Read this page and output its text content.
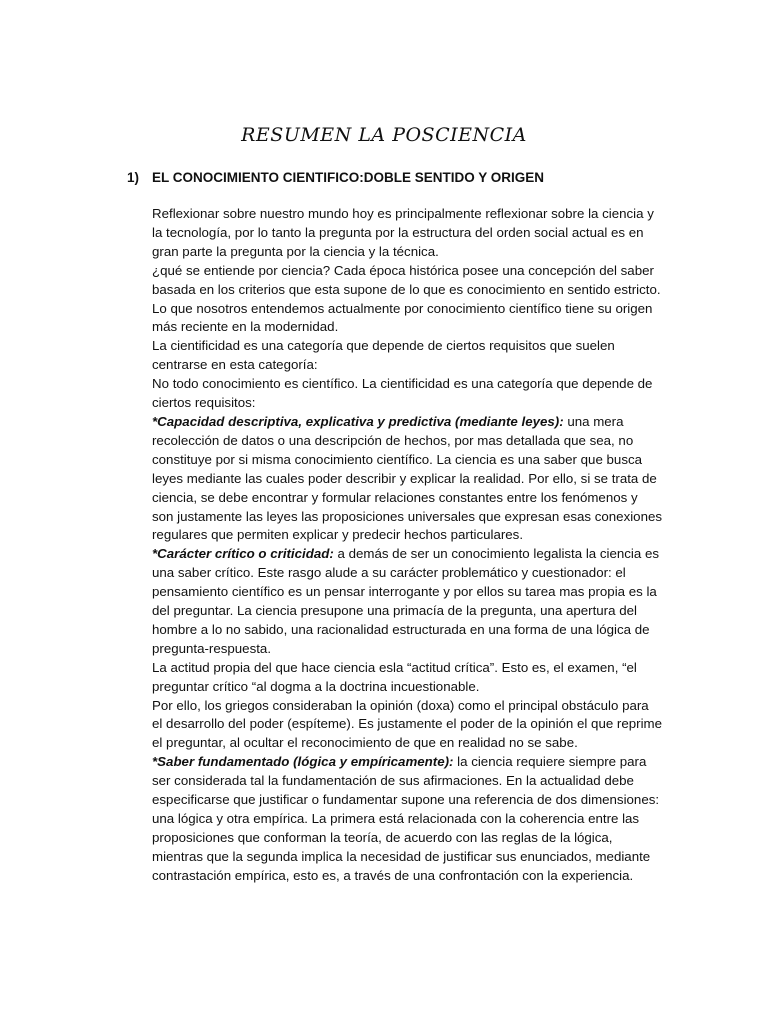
RESUMEN LA POSCIENCIA
1) EL CONOCIMIENTO CIENTIFICO:DOBLE SENTIDO Y ORIGEN

Reflexionar sobre nuestro mundo hoy es principalmente reflexionar sobre la ciencia y la tecnología, por lo tanto la pregunta por la estructura del orden social actual es en gran parte la pregunta por la ciencia y la técnica.

¿qué se entiende por ciencia? Cada época histórica posee una concepción del saber basada en los criterios que esta supone de lo que es conocimiento en sentido estricto. Lo que nosotros entendemos actualmente por conocimiento científico tiene su origen más reciente en la modernidad.

La cientificidad es una categoría que depende de ciertos requisitos que suelen centrarse en esta categoría:

No todo conocimiento es científico. La cientificidad es una categoría que depende de ciertos requisitos:

*Capacidad descriptiva, explicativa y predictiva (mediante leyes): una mera recolección de datos o una descripción de hechos, por mas detallada que sea, no constituye por si misma conocimiento científico. La ciencia es una saber que busca leyes mediante las cuales poder describir y explicar la realidad. Por ello, si se trata de ciencia, se debe encontrar y formular relaciones constantes entre los fenómenos y son justamente las leyes las proposiciones universales que expresan esas conexiones regulares que permiten explicar y predecir hechos particulares.

*Carácter crítico o criticidad: a demás de ser un conocimiento legalista la ciencia es una saber crítico. Este rasgo alude a su carácter problemático y cuestionador: el pensamiento científico es un pensar interrogante y por ellos su tarea mas propia es la del preguntar. La ciencia presupone una primacía de la pregunta, una apertura del hombre a lo no sabido, una racionalidad estructurada en una forma de una lógica de pregunta-respuesta.

La actitud propia del que hace ciencia esla “actitud crítica”. Esto es, el examen, “el preguntar crítico “al dogma a la doctrina incuestionable.

Por ello, los griegos consideraban la opinión (doxa) como el principal obstáculo para el desarrollo del poder (espíteme). Es justamente el poder de la opinión el que reprime el preguntar, al ocultar el reconocimiento de que en realidad no se sabe.

*Saber fundamentado (lógica y empíricamente): la ciencia requiere siempre para ser considerada tal la fundamentación de sus afirmaciones. En la actualidad debe especificarse que justificar o fundamentar supone una referencia de dos dimensiones: una lógica y otra empírica. La primera está relacionada con la coherencia entre las proposiciones que conforman la teoría, de acuerdo con las reglas de la lógica, mientras que la segunda implica la necesidad de justificar sus enunciados, mediante contrastación empírica, esto es, a través de una confrontación con la experiencia.
